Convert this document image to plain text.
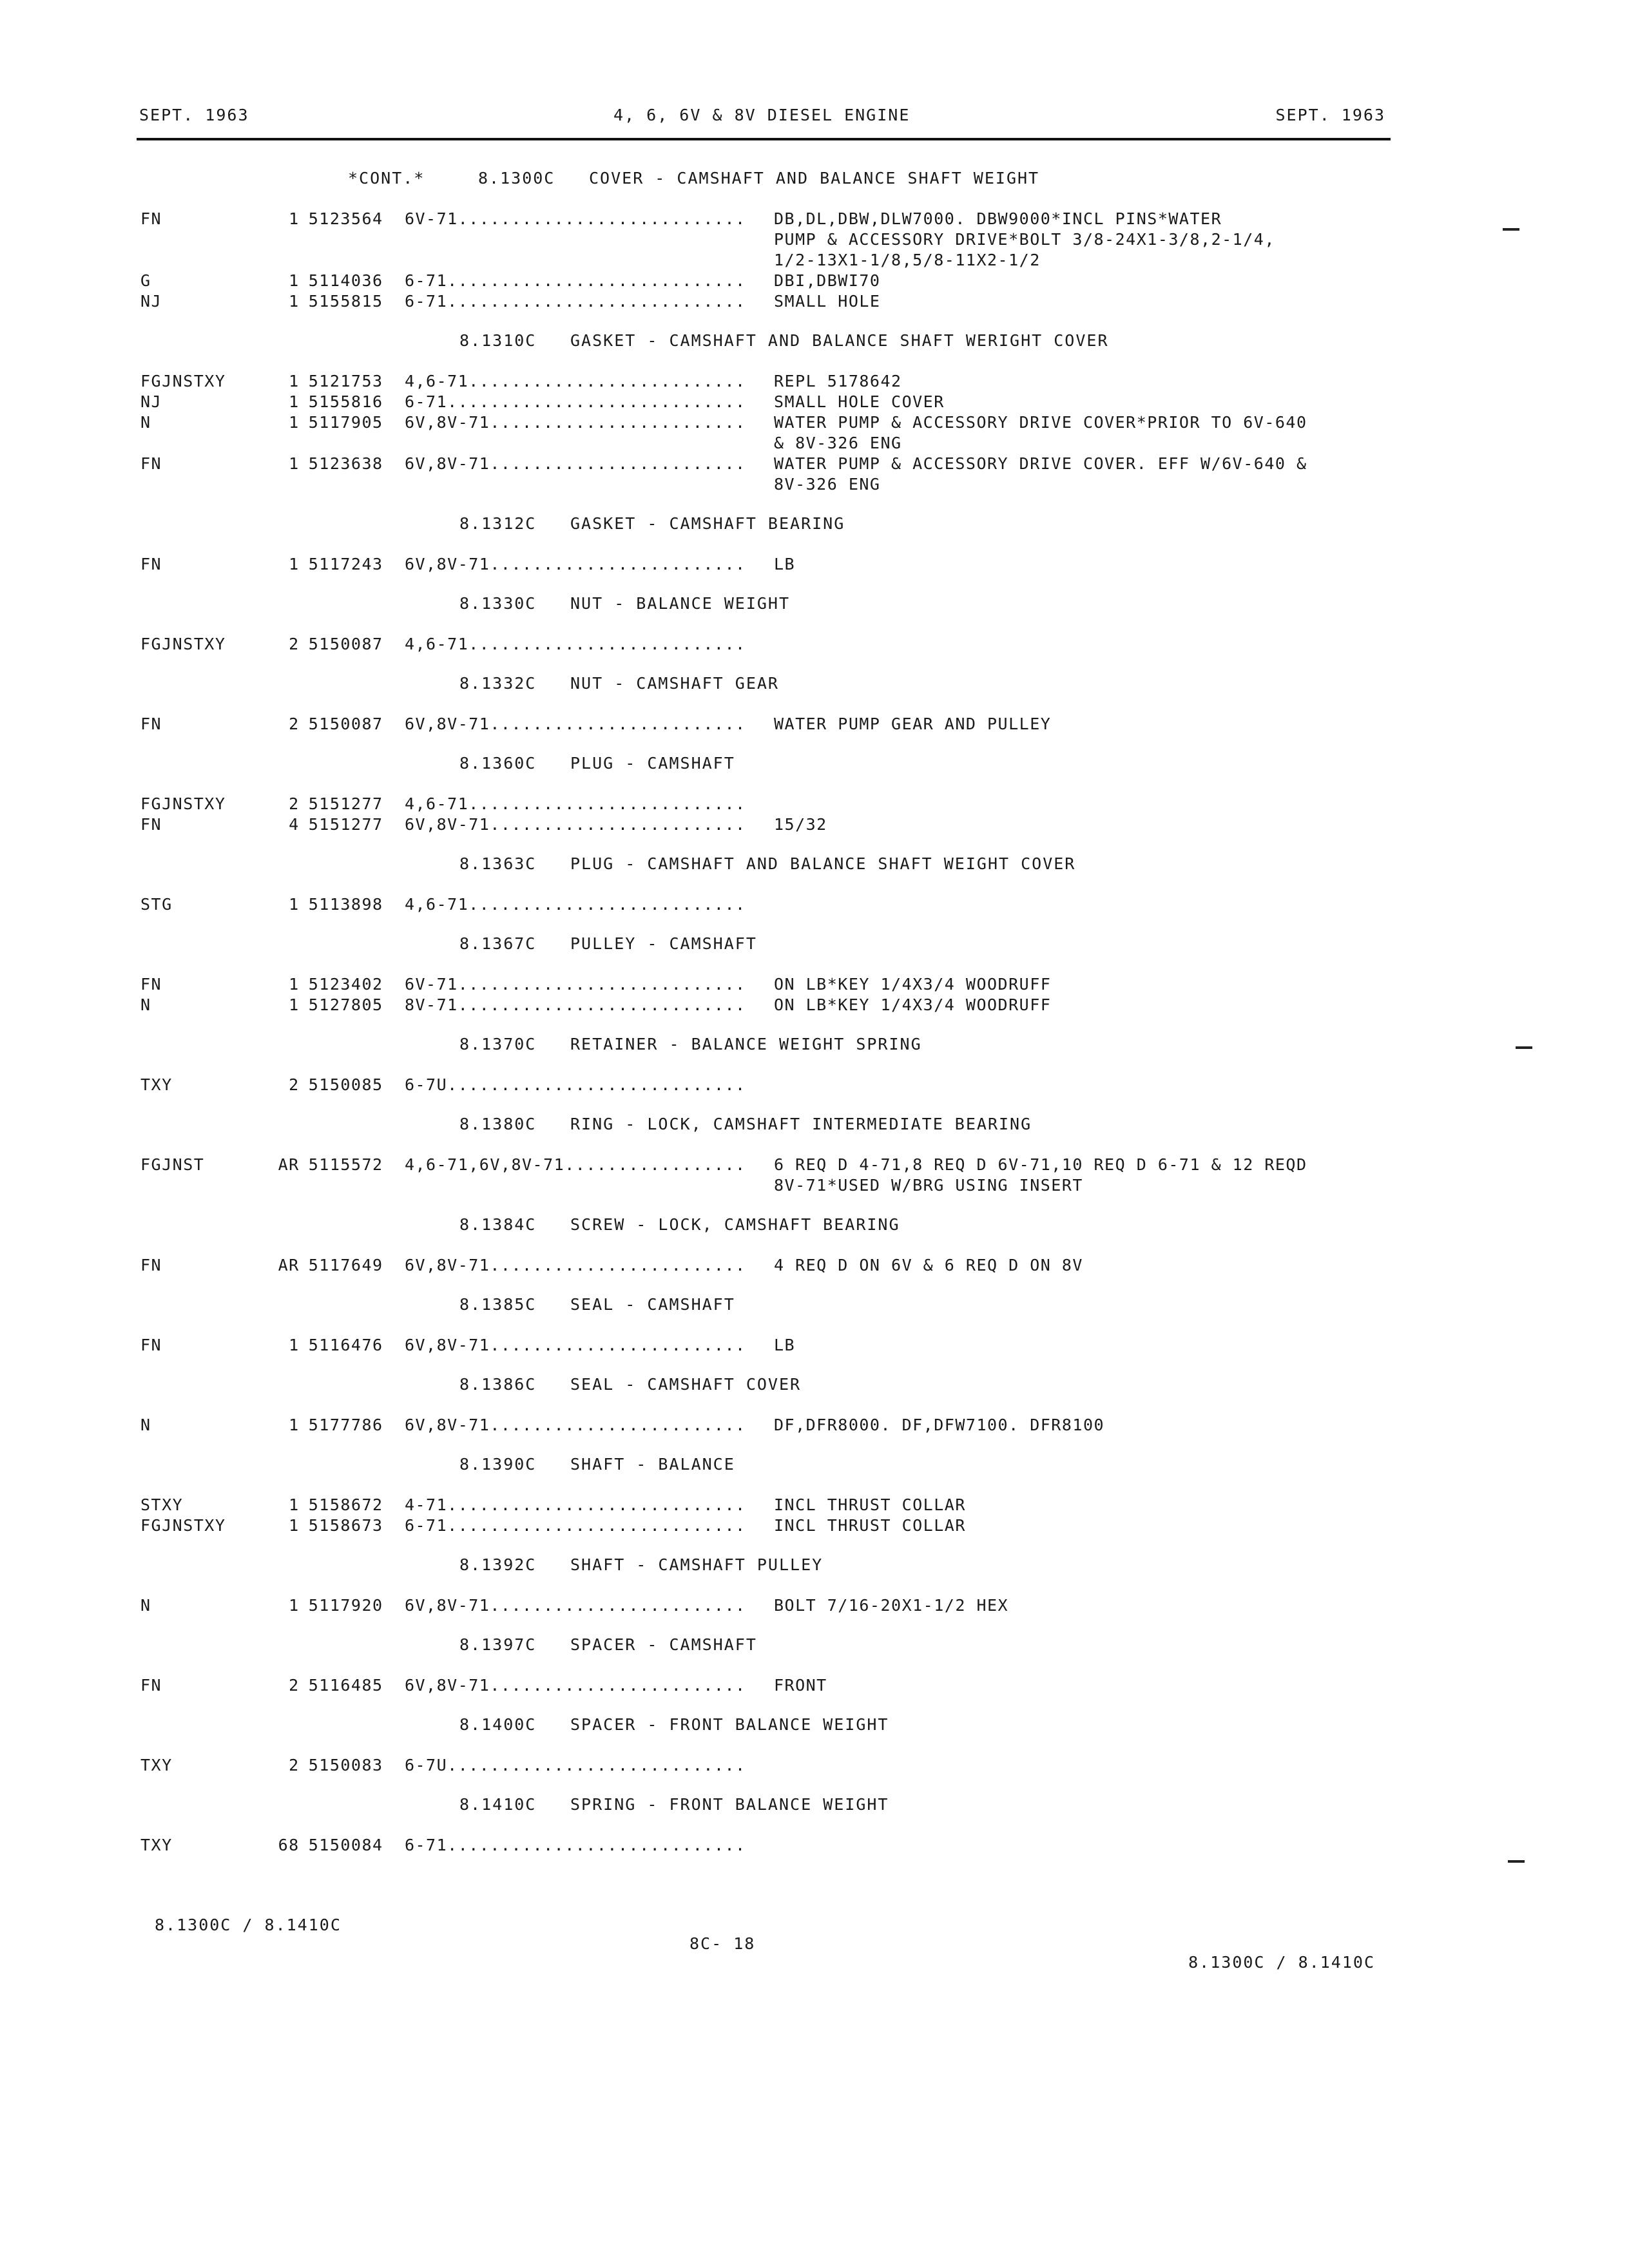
SEPT. 1963	4, 6, 6V & 8V DIESEL ENGINE	SEPT. 1963
*CONT.*	8.1300C COVER - CAMSHAFT AND BALANCE SHAFT WEIGHT
FN	1 5123564	6V-71...........................	DB,DL,DBW,DLW7000. DBW9000*INCL PINS*WATER
PUMP & ACCESSORY DRIVE*BOLT 3/8-24X1-3/8,2-1/4,
1/2-13X1-1/8,5/8-11X2-1/2
G	1 5114036	6-71............................	DBI,DBWI70
NJ	1 5155815	6-71............................	SMALL HOLE
8.1310C GASKET - CAMSHAFT AND BALANCE SHAFT WERIGHT COVER
FGJNSTXY	1 5121753	4,6-71..........................	REPL 5178642
NJ	1 5155816	6-71............................	SMALL HOLE COVER
N	1 5117905	6V,8V-71........................	WATER PUMP & ACCESSORY DRIVE COVER*PRIOR TO 6V-640
& 8V-326 ENG
FN	1 5123638	6V,8V-71........................	WATER PUMP & ACCESSORY DRIVE COVER. EFF W/6V-640 &
8V-326 ENG
8.1312C GASKET - CAMSHAFT BEARING
FN	1 5117243	6V,8V-71........................	LB
8.1330C NUT - BALANCE WEIGHT
FGJNSTXY	2 5150087	4,6-71..........................
8.1332C NUT - CAMSHAFT GEAR
FN	2 5150087	6V,8V-71........................	WATER PUMP GEAR AND PULLEY
8.1360C PLUG - CAMSHAFT
FGJNSTXY	2 5151277	4,6-71..........................
FN	4 5151277	6V,8V-71........................	15/32
8.1363C PLUG - CAMSHAFT AND BALANCE SHAFT WEIGHT COVER
STG	1 5113898	4,6-71..........................
8.1367C PULLEY - CAMSHAFT
FN	1 5123402	6V-71...........................	ON LB*KEY 1/4X3/4 WOODRUFF
N	1 5127805	8V-71...........................	ON LB*KEY 1/4X3/4 WOODRUFF
8.1370C RETAINER - BALANCE WEIGHT SPRING
TXY	2 5150085	6-7U............................
8.1380C RING - LOCK, CAMSHAFT INTERMEDIATE BEARING
FGJNST	AR 5115572	4,6-71,6V,8V-71.................	6 REQ D 4-71,8 REQ D 6V-71,10 REQ D 6-71 & 12 REQD
8V-71*USED W/BRG USING INSERT
8.1384C SCREW - LOCK, CAMSHAFT BEARING
FN	AR 5117649	6V,8V-71........................	4 REQ D ON 6V & 6 REQ D ON 8V
8.1385C SEAL - CAMSHAFT
FN	1 5116476	6V,8V-71........................	LB
8.1386C SEAL - CAMSHAFT COVER
N	1 5177786	6V,8V-71........................	DF,DFR8000. DF,DFW7100. DFR8100
8.1390C SHAFT - BALANCE
STXY	1 5158672	4-71............................	INCL THRUST COLLAR
FGJNSTXY	1 5158673	6-71............................	INCL THRUST COLLAR
8.1392C SHAFT - CAMSHAFT PULLEY
N	1 5117920	6V,8V-71........................	BOLT 7/16-20X1-1/2 HEX
8.1397C SPACER - CAMSHAFT
FN	2 5116485	6V,8V-71........................	FRONT
8.1400C SPACER - FRONT BALANCE WEIGHT
TXY	2 5150083	6-7U............................
8.1410C SPRING - FRONT BALANCE WEIGHT
TXY	68 5150084	6-71............................

8.1300C / 8.1410C

8C- 18

8.1300C / 8.1410C
